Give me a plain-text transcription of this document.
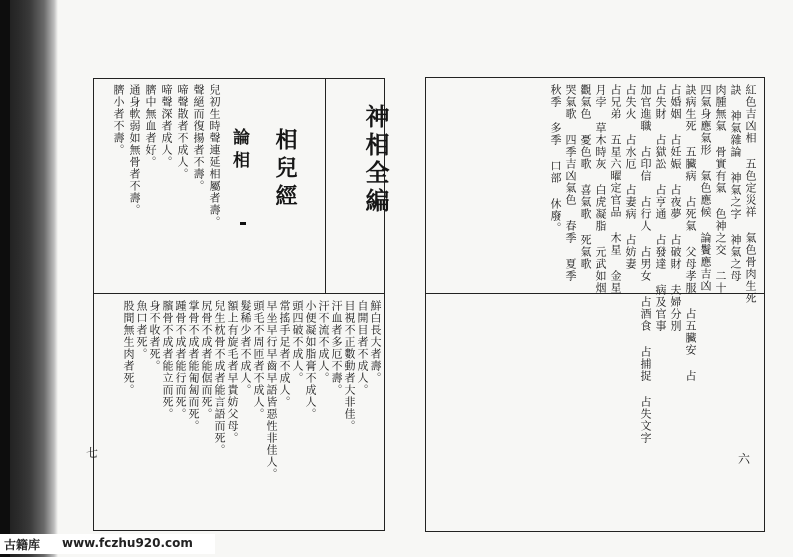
神相全編
相兒經
論相
兒初生時聲連延相屬者壽。
聲絕而復揚者不壽。
啼聲散者不成人。
啼聲深者成人。
臍中無血者好。
通身軟弱如無骨者不壽。
臍小者不壽。
鮮白長大者壽。
自開目者不成人。
目視不正數動者大非佳。
汗血者多厄不壽。
汗不流不成人。
小便凝如脂膏不成人。
頭四破不成人。
常搖手足者不成人。
早坐早行早齒早語皆惡性非佳人。
頭毛不周匝者不成人。
髮稀少者不成人。
額上有旋毛者早貴妨父母。
兒生枕骨不成者能言語而死。
尻骨不成者能倨而死。
掌骨不成者能匍匐而死。
踵骨不成者能行而死。
臏骨不成者能立而死。
身不收者死。
魚口者死。
股間無生肉者死。
七
紅色吉凶相 五色定災祥 氣色骨肉生死
訣 神氣雜論 神氣之字 神氣之母
肉腫無氣 骨實有氣 色神之交 二十
四氣身應氣形 氣色應候 論鬢應吉凶
訣病生死 五臟病 占死氣 父母孝服 占五臟安 占
占婚姻 占妊娠 占夜夢 占破財 夫婦分別
占失財 占獄訟 占亨通 占發達 病及官事
加官進職 占印信 占行人 占男女 占酒食 占捕捉 占失文字
占失火 占水厄 占妻病 占妨妻
占兄弟 五星六曜定官品 木星 金星
月孛 草木時灰 白虎凝脂 元武如烟
觀氣色 憂色歌 喜氣歌 死氣歌
哭氣歌 四季吉凶氣色 春季 夏季
秋季 多季 口部 休廢。
六
古籍库 www.fczhu920.com
